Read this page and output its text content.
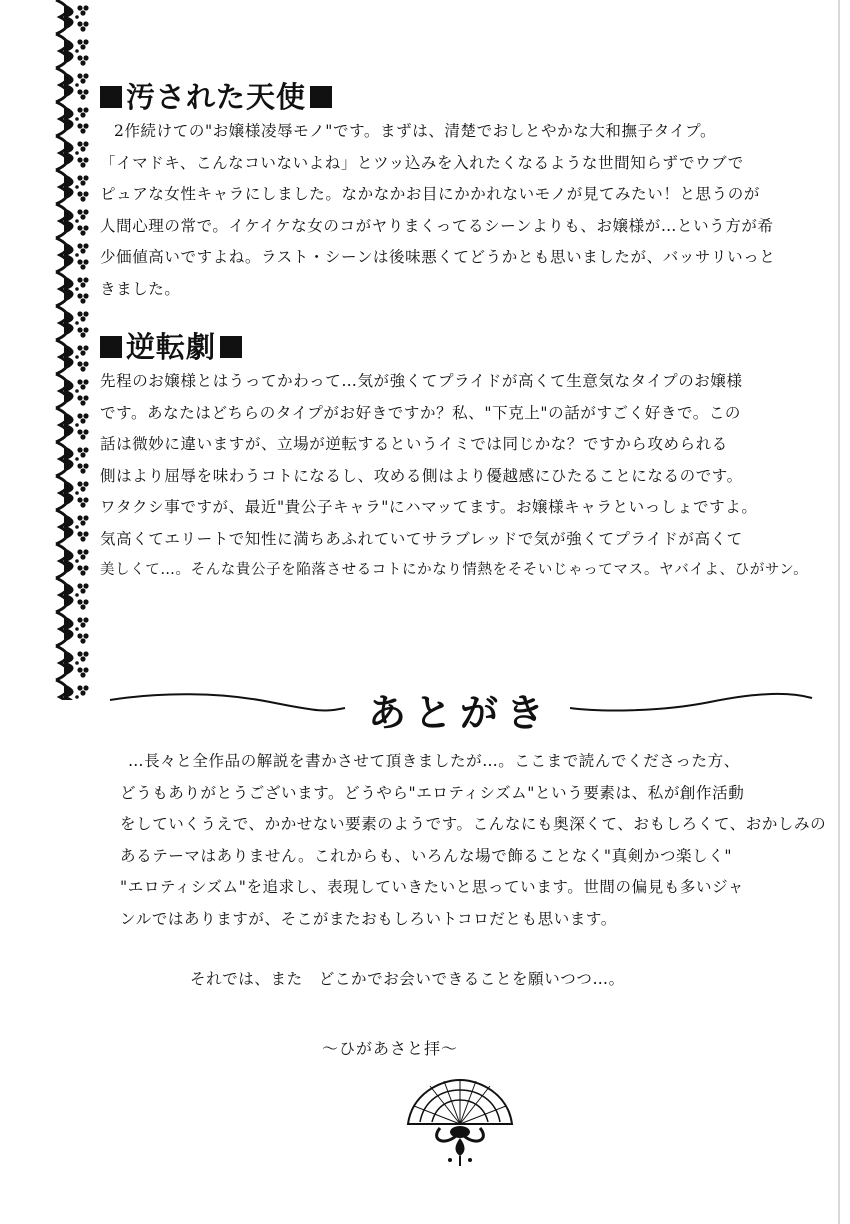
汚された天使
2作続けての"お嬢様凌辱モノ"です。まずは、清楚でおしとやかな大和撫子タイプ。
「イマドキ、こんなコいないよね」とツッ込みを入れたくなるような世間知らずでウブで
ピュアな女性キャラにしました。なかなかお目にかかれないモノが見てみたい！と思うのが
人間心理の常で。イケイケな女のコがヤりまくってるシーンよりも、お嬢様が…という方が希
少価値高いですよね。ラスト・シーンは後味悪くてどうかとも思いましたが、バッサリいっと
きました。
逆転劇
先程のお嬢様とはうってかわって…気が強くてプライドが高くて生意気なタイプのお嬢様
です。あなたはどちらのタイプがお好きですか？私、"下克上"の話がすごく好きで。この
話は微妙に違いますが、立場が逆転するというイミでは同じかな？ですから攻められる
側はより屈辱を味わうコトになるし、攻める側はより優越感にひたることになるのです。
ワタクシ事ですが、最近"貴公子キャラ"にハマッてます。お嬢様キャラといっしょですよ。
気高くてエリートで知性に満ちあふれていてサラブレッドで気が強くてプライドが高くて
美しくて…。そんな貴公子を陥落させるコトにかなり情熱をそそいじゃってマス。ヤバイよ、ひがサン。
あとがき
…長々と全作品の解説を書かさせて頂きましたが…。ここまで読んでくださった方、
どうもありがとうございます。どうやら"エロティシズム"という要素は、私が創作活動
をしていくうえで、かかせない要素のようです。こんなにも奥深くて、おもしろくて、おかしみの
あるテーマはありません。これからも、いろんな場で飾ることなく"真剣かつ楽しく"
"エロティシズム"を追求し、表現していきたいと思っています。世間の偏見も多いジャ
ンルではありますが、そこがまたおもしろいトコロだとも思います。
それでは、また　どこかでお会いできることを願いつつ…。
～ひがあさと拝～
